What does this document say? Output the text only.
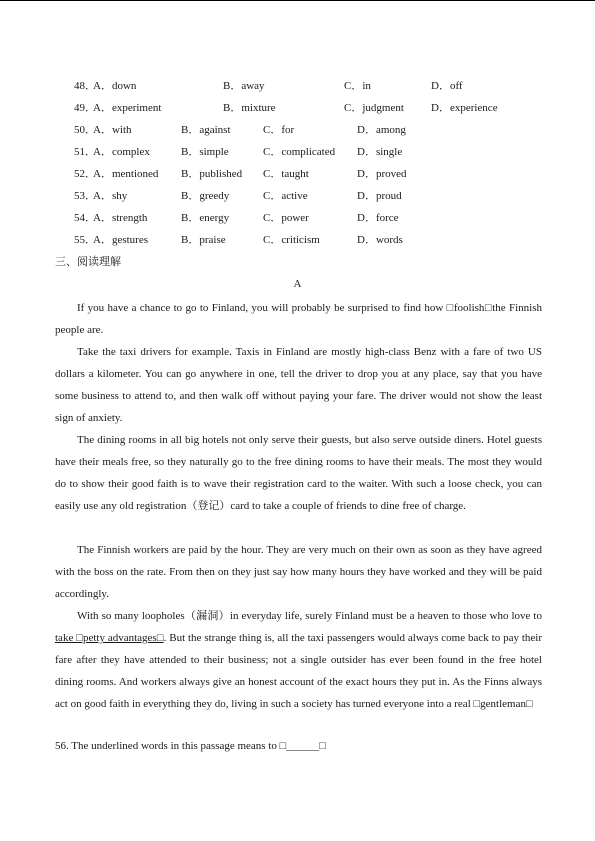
48．
A．down	B．away	C．in	D．off
49．
A．experiment	B．mixture	C．judgment D．experience
50．
A．with	B．against	C．for	D．among
51．
A．complex	B．simple	C．complicated D．single
52．
A．mentioned B．published C．taught	D．proved
53．
A．shy	B．greedy	C．active	D．proud
54．
A．strength	B．energy	C．power	D．force
55．
A．gestures	B．praise	C．criticism	D．words
三、阅读理解
A

If you have a chance to go to Finland, you will probably be surprised to find how □foolish□the Finnish people are.

Take the taxi drivers for example. Taxis in Finland are mostly high-class Benz with a fare of two US dollars a kilometer. You can go anywhere in one, tell the driver to drop you at any place, say that you have some business to attend to, and then walk off without paying your fare. The driver would not show the least sign of anxiety.

The dining rooms in all big hotels not only serve their guests, but also serve outside diners. Hotel guests have their meals free, so they naturally go to the free dining rooms to have their meals. The most they would do to show their good faith is to wave their registration card to the waiter. With such a loose check, you can easily use any old registration（登记）card to take a couple of friends to dine free of charge.

The Finnish workers are paid by the hour. They are very much on their own as soon as they have agreed with the boss on the rate. From then on they just say how many hours they have worked and they will be paid accordingly.

With so many loopholes（漏洞）in everyday life, surely Finland must be a heaven to those who love to take □petty advantages□. But the strange thing is, all the taxi passengers would always come back to pay their fare after they have attended to their business; not a single outsider has ever been found in the free hotel dining rooms. And workers always give an honest account of the exact hours they put in. As the Finns always act on good faith in everything they do, living in such a society has turned everyone into a real □gentleman□

56. The underlined words in this passage means to □______□
